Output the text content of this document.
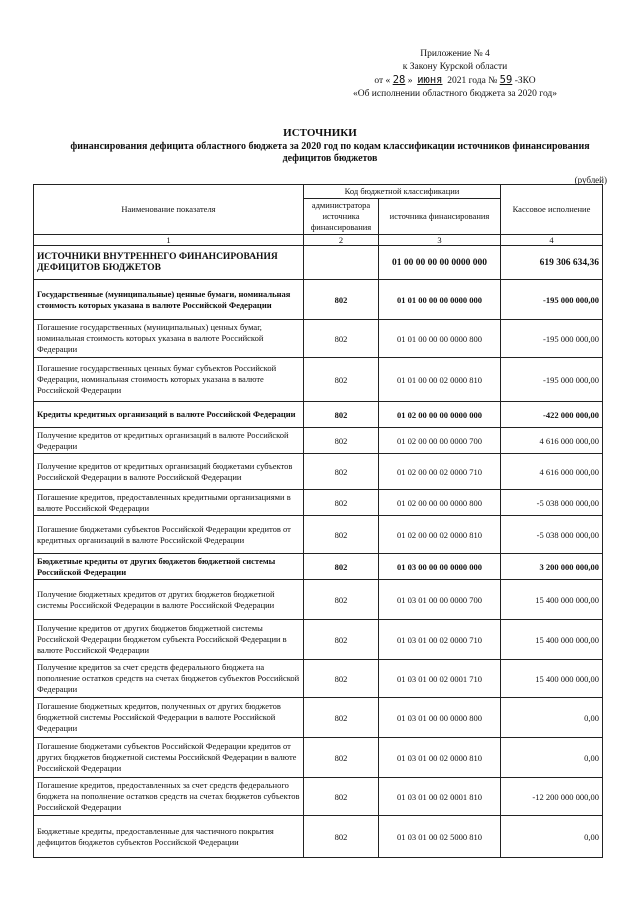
Приложение № 4
к Закону Курской области
от « 28 » июня 2021 года № 59 -ЗКО
«Об исполнении областного бюджета за 2020 год»
ИСТОЧНИКИ
финансирования дефицита областного бюджета за 2020 год по кодам классификации источников финансирования дефицитов бюджетов
(рублей)
Наименование показателя	Код бюджетной классификации		Кассовое исполнение
	администратора источника финансирования	источника финансирования	
1	2	3	4
ИСТОЧНИКИ ВНУТРЕННЕГО ФИНАНСИРОВАНИЯ ДЕФИЦИТОВ БЮДЖЕТОВ		01 00 00 00 00 0000 000	619 306 634,36
Государственные (муниципальные) ценные бумаги, номинальная стоимость которых указана в валюте Российской Федерации	802	01 01 00 00 00 0000 000	-195 000 000,00
Погашение государственных (муниципальных) ценных бумаг, номинальная стоимость которых указана в валюте Российской Федерации	802	01 01 00 00 00 0000 800	-195 000 000,00
Погашение государственных ценных бумаг субъектов Российской Федерации, номинальная стоимость которых указана в валюте Российской Федерации	802	01 01 00 00 02 0000 810	-195 000 000,00
Кредиты кредитных организаций в валюте Российской Федерации	802	01 02 00 00 00 0000 000	-422 000 000,00
Получение кредитов от кредитных организаций в валюте Российской Федерации	802	01 02 00 00 00 0000 700	4 616 000 000,00
Получение кредитов от кредитных организаций бюджетами субъектов Российской Федерации в валюте Российской Федерации	802	01 02 00 00 02 0000 710	4 616 000 000,00
Погашение кредитов, предоставленных кредитными организациями в валюте Российской Федерации	802	01 02 00 00 00 0000 800	-5 038 000 000,00
Погашение бюджетами субъектов Российской Федерации кредитов от кредитных организаций в валюте Российской Федерации	802	01 02 00 00 02 0000 810	-5 038 000 000,00
Бюджетные кредиты от других бюджетов бюджетной системы Российской Федерации	802	01 03 00 00 00 0000 000	3 200 000 000,00
Получение бюджетных кредитов от других бюджетов бюджетной системы Российской Федерации в валюте Российской Федерации	802	01 03 01 00 00 0000 700	15 400 000 000,00
Получение кредитов от других бюджетов бюджетной системы Российской Федерации бюджетом субъекта Российской Федерации в валюте Российской Федерации	802	01 03 01 00 02 0000 710	15 400 000 000,00
Получение кредитов за счет средств федерального бюджета на пополнение остатков средств на счетах бюджетов субъектов Российской Федерации	802	01 03 01 00 02 0001 710	15 400 000 000,00
Погашение бюджетных кредитов, полученных от других бюджетов бюджетной системы Российской Федерации в валюте Российской Федерации	802	01 03 01 00 00 0000 800	0,00
Погашение бюджетами субъектов Российской Федерации кредитов от других бюджетов бюджетной системы Российской Федерации в валюте Российской Федерации	802	01 03 01 00 02 0000 810	0,00
Погашение кредитов, предоставленных за счет средств федерального бюджета на пополнение остатков средств на счетах бюджетов субъектов Российской Федерации	802	01 03 01 00 02 0001 810	-12 200 000 000,00
Бюджетные кредиты, предоставленные для частичного покрытия дефицитов бюджетов субъектов Российской Федерации	802	01 03 01 00 02 5000 810	0,00
